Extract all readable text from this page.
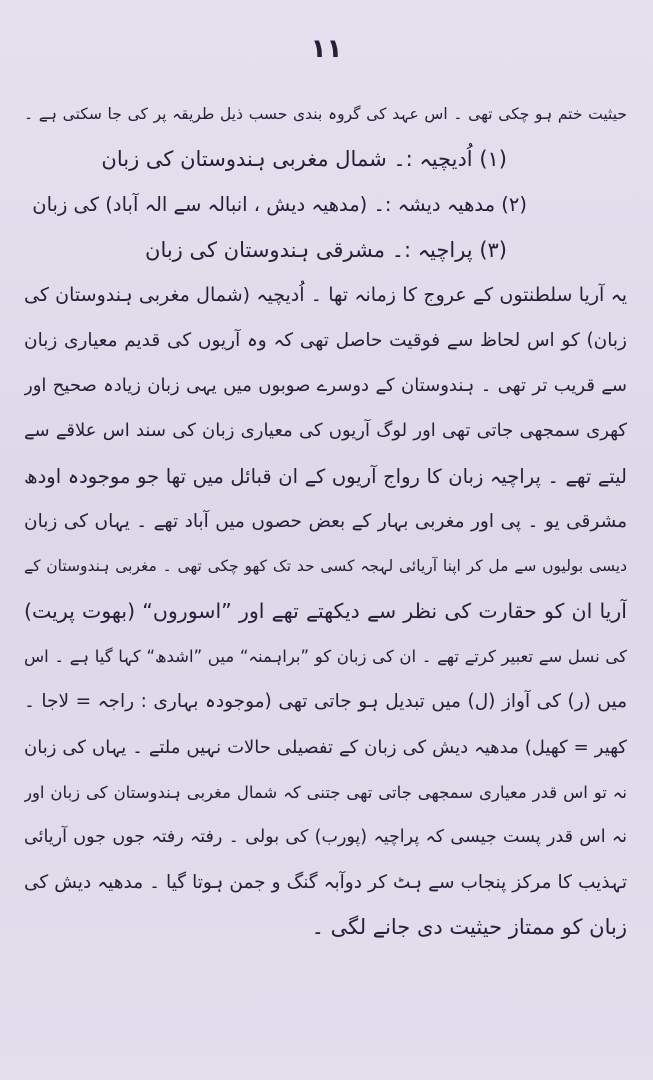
١١
حیثیت ختم ہو چکی تھی ۔ اس عہد کی گروہ بندی حسب ذیل طریقہ پر کی جا سکتی ہے ۔
(۱) اُدیچیہ :۔ شمال مغربی ہندوستان کی زبان
(۲) مدھیہ دیشہ :۔ (مدھیہ دیش ، انبالہ سے الہ آباد) کی زبان
(۳) پراچیہ :۔ مشرقی ہندوستان کی زبان
یہ آریا سلطنتوں کے عروج کا زمانہ تھا ۔ اُدیچیہ (شمال مغربی ہندوستان کی
زبان) کو اس لحاظ سے فوقیت حاصل تھی کہ وہ آریوں کی قدیم معیاری زبان
سے قریب تر تھی ۔ ہندوستان کے دوسرے صوبوں میں یہی زبان زیادہ صحیح اور
کھری سمجھی جاتی تھی اور لوگ آریوں کی معیاری زبان کی سند اس علاقے سے
لیتے تھے ۔ پراچیہ زبان کا رواج آریوں کے ان قبائل میں تھا جو موجودہ اودھ
مشرقی یو ۔ پی اور مغربی بہار کے بعض حصوں میں آباد تھے ۔ یہاں کی زبان
دیسی بولیوں سے مل کر اپنا آریائی لہجہ کسی حد تک کھو چکی تھی ۔ مغربی ہندوستان کے
آریا ان کو حقارت کی نظر سے دیکھتے تھے اور ”اسوروں“ (بھوت پریت)
کی نسل سے تعبیر کرتے تھے ۔ ان کی زبان کو ”براہمنہ“ میں ”اشدھ“ کہا گیا ہے ۔ اس
میں (ر) کی آواز (ل) میں تبدیل ہو جاتی تھی (موجودہ بہاری : راجہ = لاجا ۔
کھیر = کھیل) مدھیہ دیش کی زبان کے تفصیلی حالات نہیں ملتے ۔ یہاں کی زبان
نہ تو اس قدر معیاری سمجھی جاتی تھی جتنی کہ شمال مغربی ہندوستان کی زبان اور
نہ اس قدر پست جیسی کہ پراچیہ (پورب) کی بولی ۔ رفتہ رفتہ جوں جوں آریائی
تہذیب کا مرکز پنجاب سے ہٹ کر دوآبہ گنگ و جمن ہوتا گیا ۔ مدھیہ دیش کی
زبان کو ممتاز حیثیت دی جانے لگی ۔
